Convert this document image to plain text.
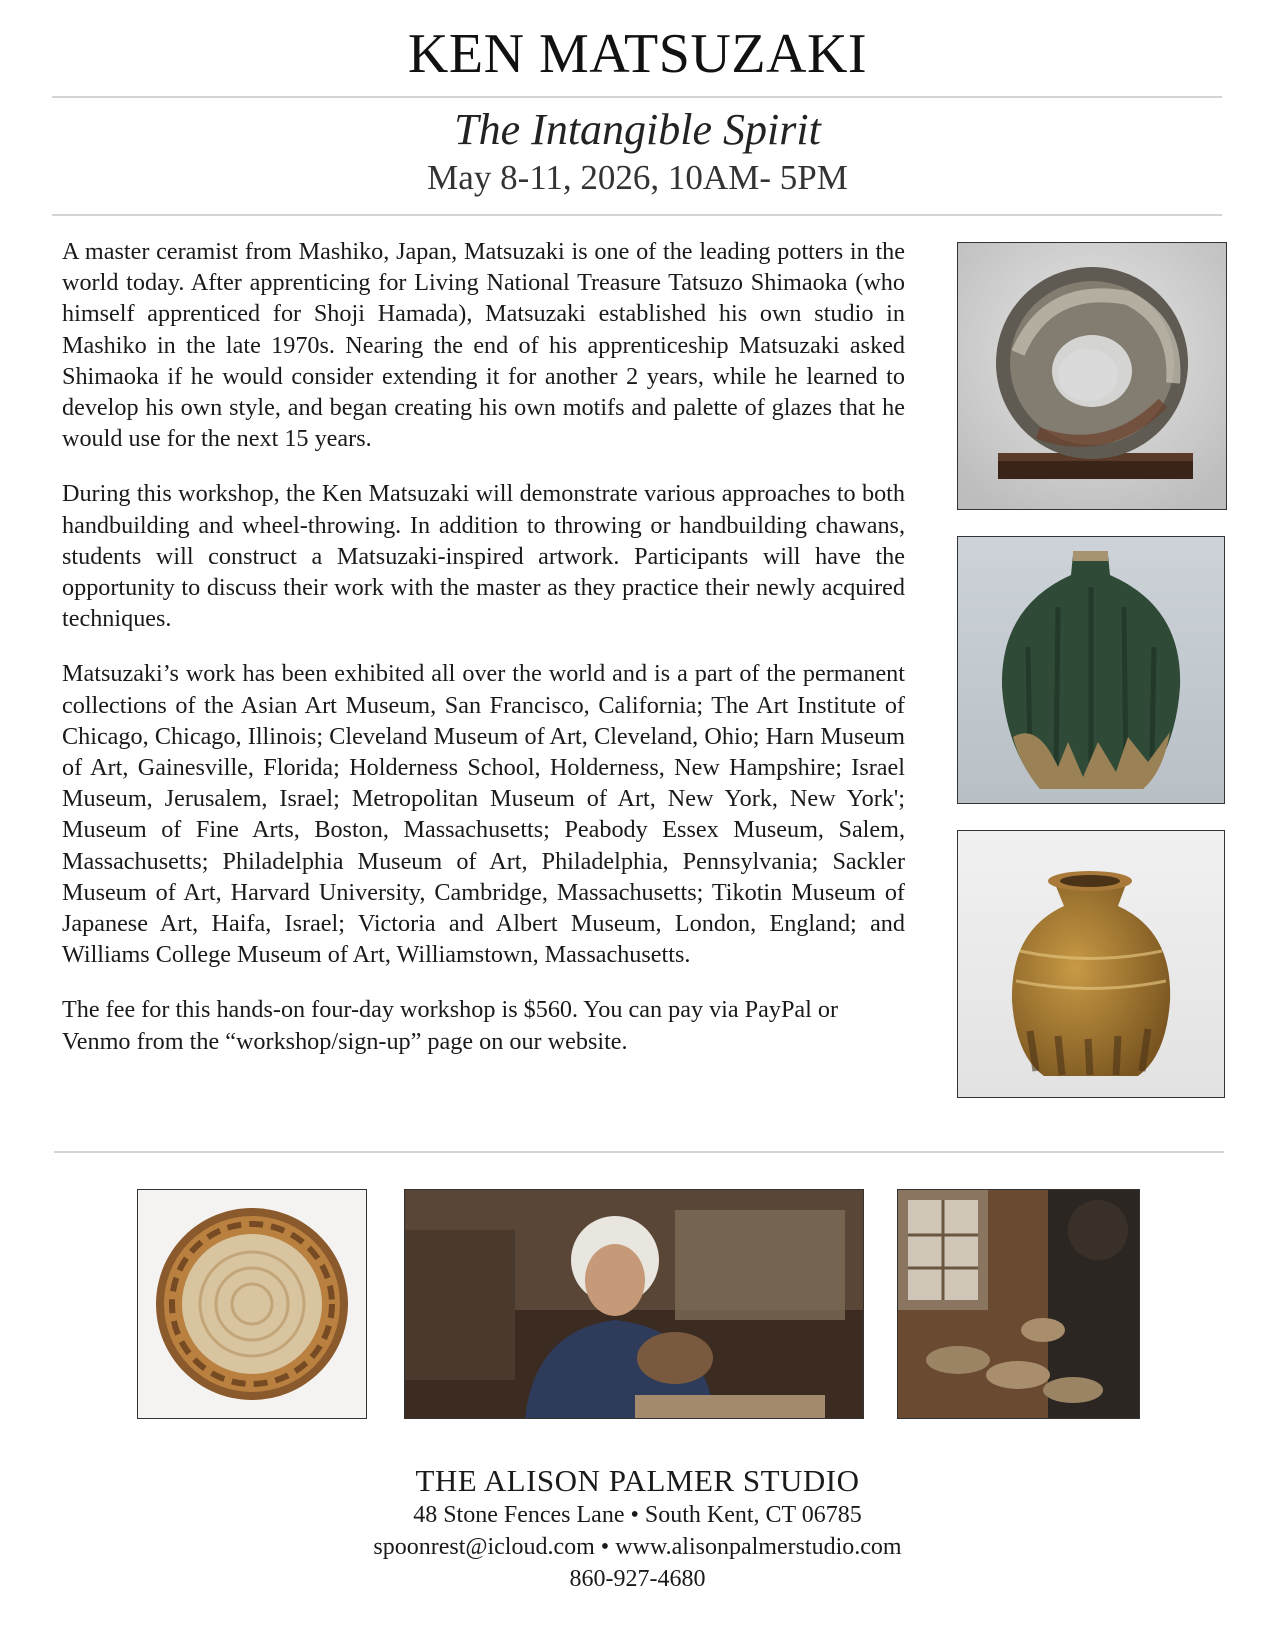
KEN MATSUZAKI
The Intangible Spirit
May 8-11, 2026, 10AM- 5PM

A master ceramist from Mashiko, Japan, Matsuzaki is one of the leading potters in the world today. After apprenticing for Living National Treasure Tatsuzo Shimaoka (who himself apprenticed for Shoji Hamada), Matsuzaki established his own studio in Mashiko in the late 1970s. Nearing the end of his apprenticeship Matsuzaki asked Shimaoka if he would consider extending it for another 2 years, while he learned to develop his own style, and began creating his own motifs and palette of glazes that he would use for the next 15 years.

During this workshop, the Ken Matsuzaki will demonstrate various approaches to both handbuilding and wheel-throwing. In addition to throwing or handbuilding chawans, students will construct a Matsuzaki-inspired artwork. Participants will have the opportunity to discuss their work with the master as they practice their newly acquired techniques.

Matsuzaki’s work has been exhibited all over the world and is a part of the permanent collections of the Asian Art Museum, San Francisco, California; The Art Institute of Chicago, Chicago, Illinois; Cleveland Museum of Art, Cleveland, Ohio; Harn Museum of Art, Gainesville, Florida; Holderness School, Holderness, New Hampshire; Israel Museum, Jerusalem, Israel; Metropolitan Museum of Art, New York, New York'; Museum of Fine Arts, Boston, Massachusetts; Peabody Essex Museum, Salem, Massachusetts; Philadelphia Museum of Art, Philadelphia, Pennsylvania; Sackler Museum of Art, Harvard University, Cambridge, Massachusetts; Tikotin Museum of Japanese Art, Haifa, Israel; Victoria and Albert Museum, London, England; and Williams College Museum of Art, Williamstown, Massachusetts.

The fee for this hands-on four-day workshop is $560. You can pay via PayPal or Venmo from the “workshop/sign-up” page on our website.

THE ALISON PALMER STUDIO
48 Stone Fences Lane • South Kent, CT 06785
spoonrest@icloud.com • www.alisonpalmerstudio.com
860-927-4680
